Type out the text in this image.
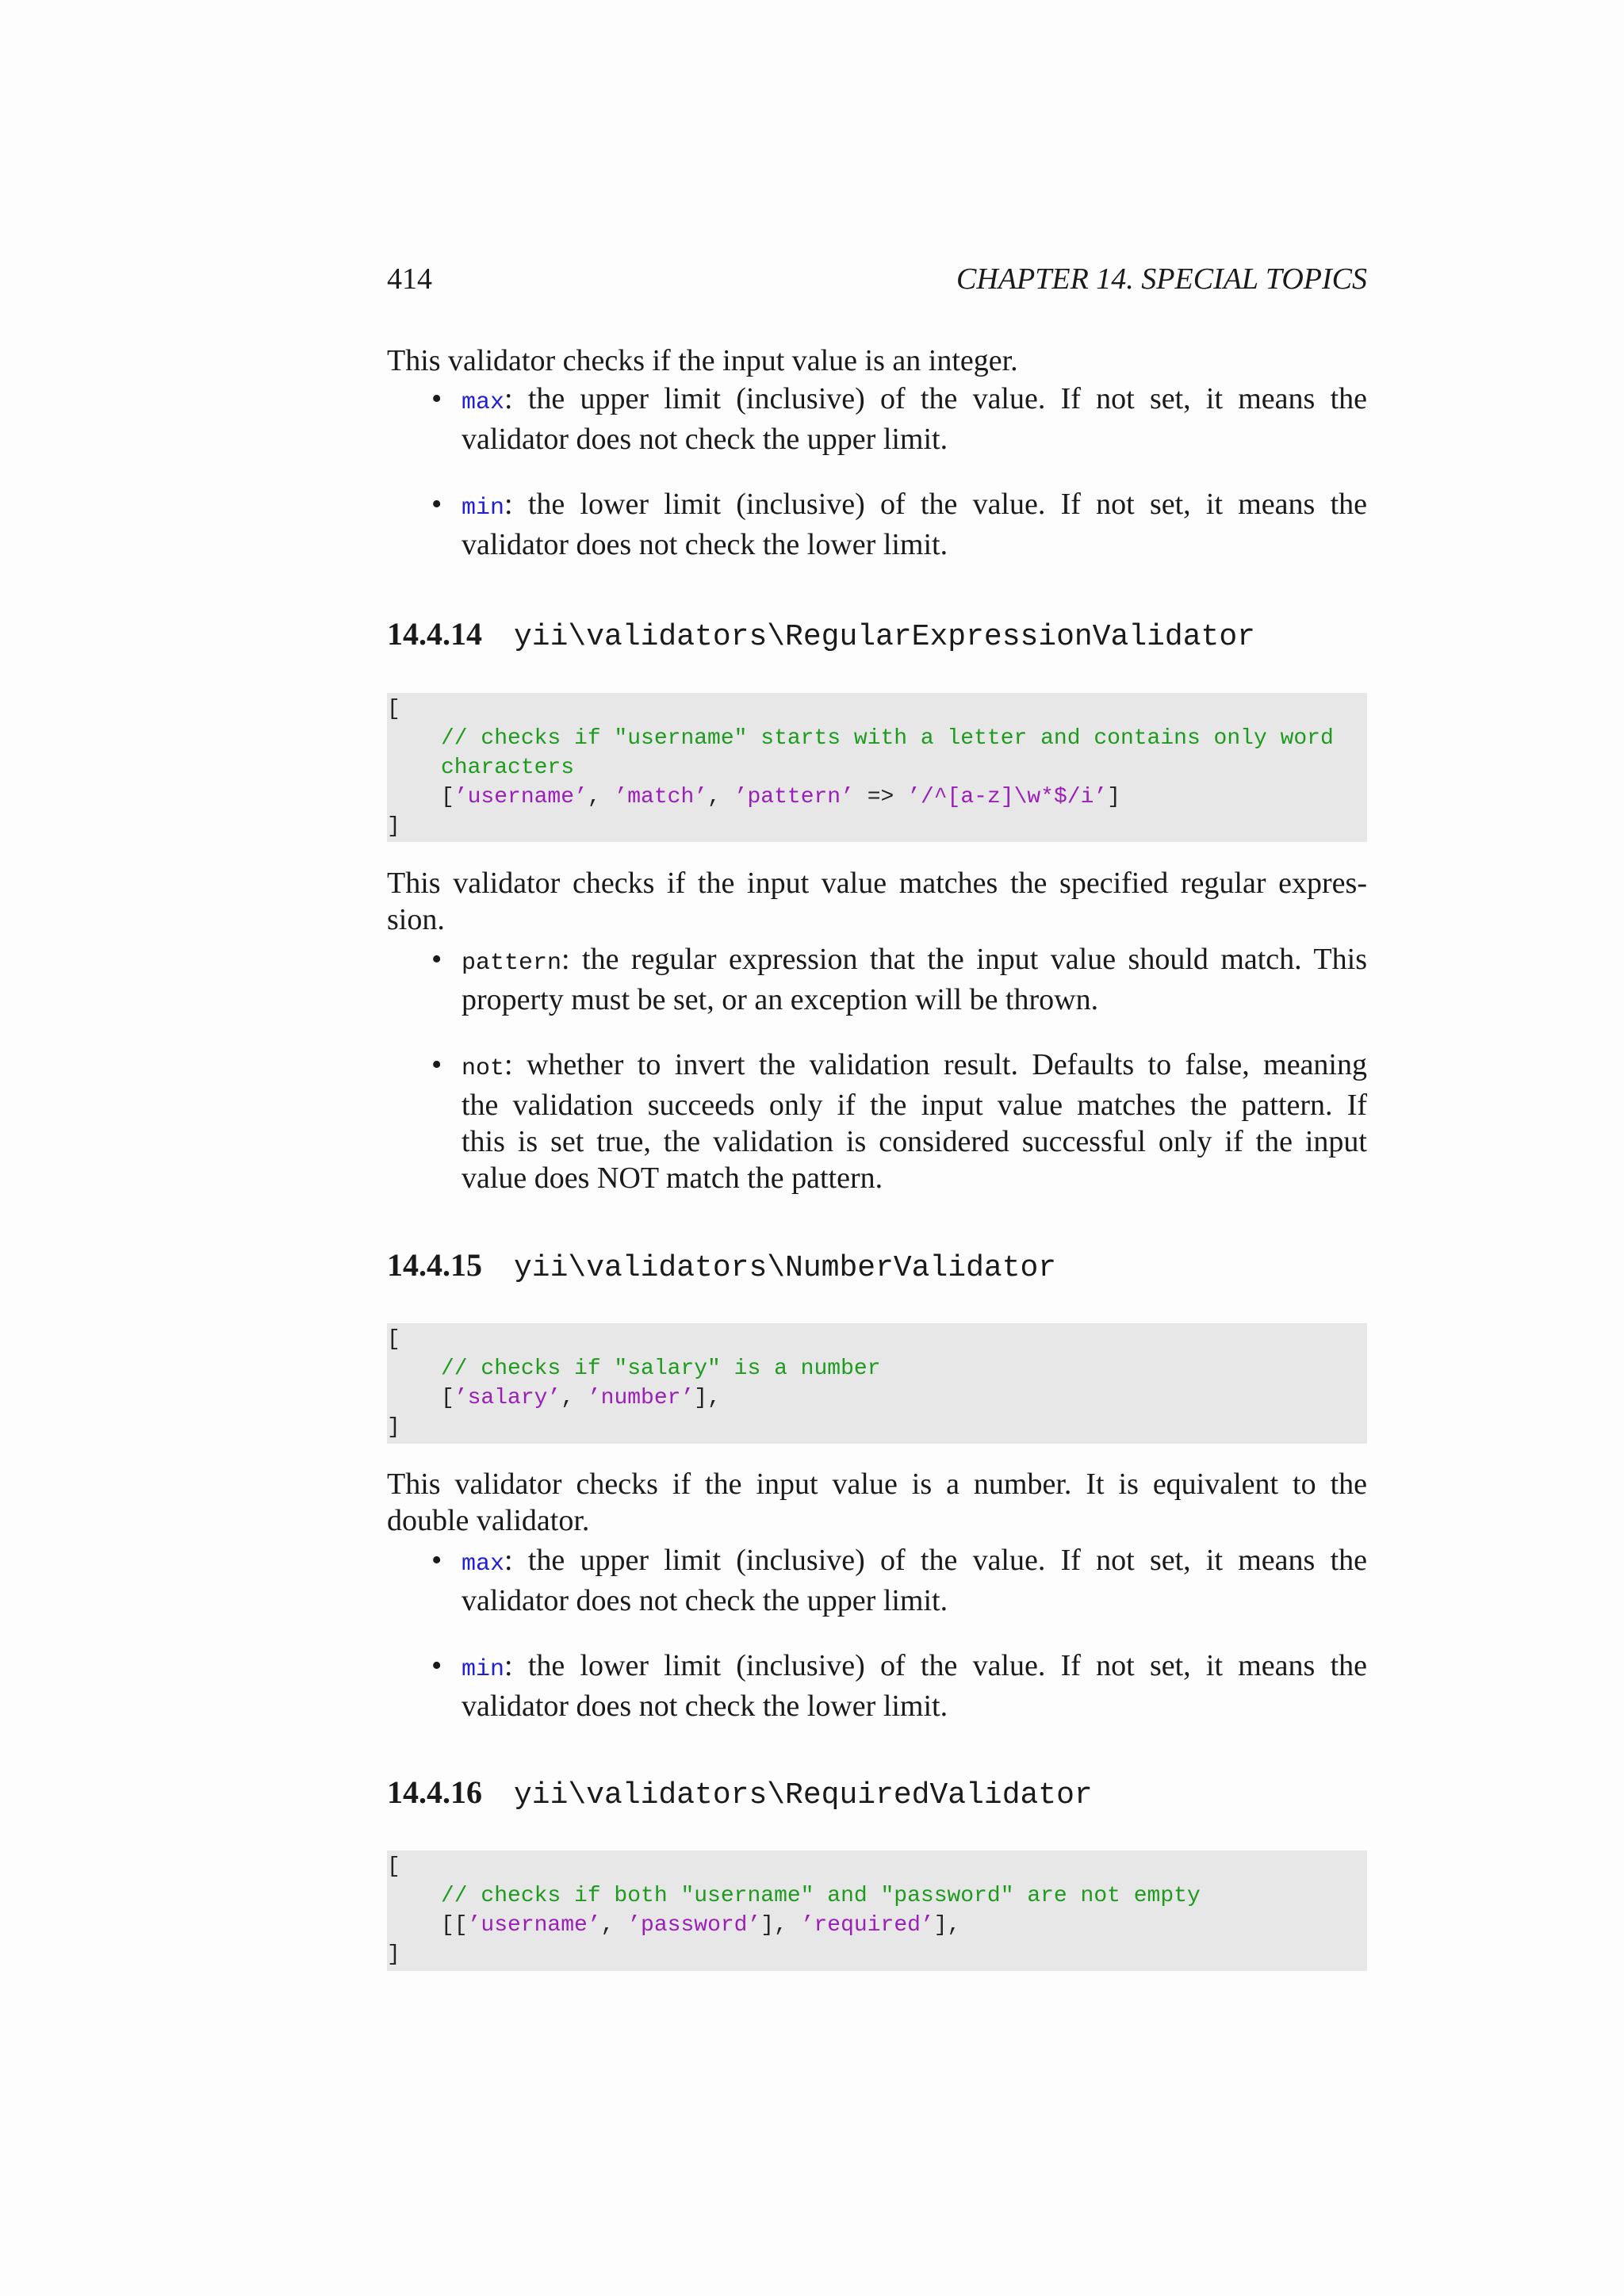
414	CHAPTER 14. SPECIAL TOPICS
This validator checks if the input value is an integer.
• max: the upper limit (inclusive) of the value. If not set, it means the
validator does not check the upper limit.
• min: the lower limit (inclusive) of the value. If not set, it means the
validator does not check the lower limit.
14.4.14 yii\validators\RegularExpressionValidator
[
// checks if "username" starts with a letter and contains only word
characters
[’username’, ’match’, ’pattern’ => ’/^[a-z]\w*$/i’]
]
This validator checks if the input value matches the specified regular expres-
sion.
• pattern: the regular expression that the input value should match. This
property must be set, or an exception will be thrown.
• not: whether to invert the validation result. Defaults to false, meaning
the validation succeeds only if the input value matches the pattern. If
this is set true, the validation is considered successful only if the input
value does NOT match the pattern.
14.4.15 yii\validators\NumberValidator
[
// checks if "salary" is a number
[’salary’, ’number’],
]
This validator checks if the input value is a number. It is equivalent to the
double validator.
• max: the upper limit (inclusive) of the value. If not set, it means the
validator does not check the upper limit.
• min: the lower limit (inclusive) of the value. If not set, it means the
validator does not check the lower limit.
14.4.16 yii\validators\RequiredValidator
[
// checks if both "username" and "password" are not empty
[[’username’, ’password’], ’required’],
]
